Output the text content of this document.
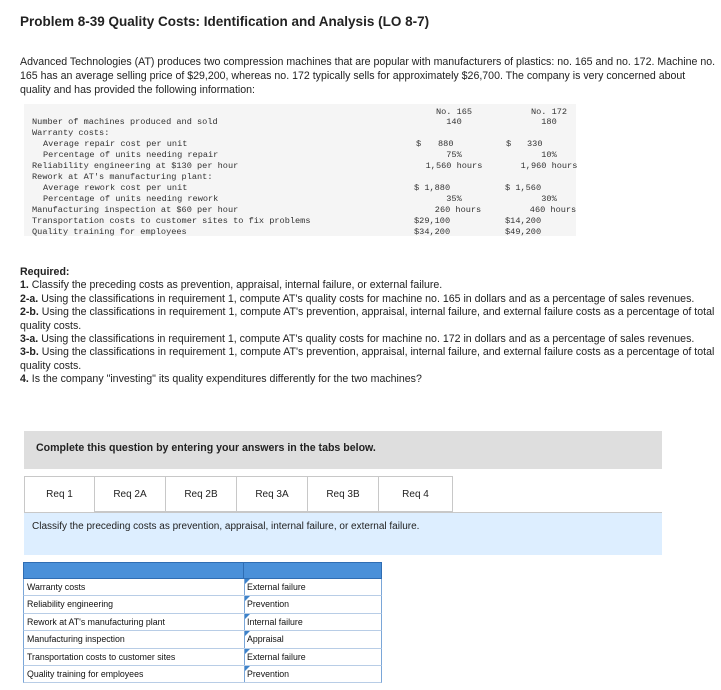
Problem 8-39 Quality Costs: Identification and Analysis (LO 8-7)
Advanced Technologies (AT) produces two compression machines that are popular with manufacturers of plastics: no. 165 and no. 172. Machine no. 165 has an average selling price of $29,200, whereas no. 172 typically sells for approximately $26,700. The company is very concerned about quality and has provided the following information:
No. 165	No. 172
Number of machines produced and sold	140	180
Warranty costs:
Average repair cost per unit	$	880	$	330
Percentage of units needing repair	75%	10%
Reliability engineering at $130 per hour	1,560 hours	1,960 hours
Rework at AT's manufacturing plant:
Average rework cost per unit	$ 1,880	$ 1,560
Percentage of units needing rework	35%	30%
Manufacturing inspection at $60 per hour	260 hours	460 hours
Transportation costs to customer sites to fix problems	$29,100	$14,200
Quality training for employees	$34,200	$49,200
Required:
1. Classify the preceding costs as prevention, appraisal, internal failure, or external failure.
2-a. Using the classifications in requirement 1, compute AT's quality costs for machine no. 165 in dollars and as a percentage of sales revenues.
2-b. Using the classifications in requirement 1, compute AT's prevention, appraisal, internal failure, and external failure costs as a percentage of total quality costs.
3-a. Using the classifications in requirement 1, compute AT's quality costs for machine no. 172 in dollars and as a percentage of sales revenues.
3-b. Using the classifications in requirement 1, compute AT's prevention, appraisal, internal failure, and external failure costs as a percentage of total quality costs.
4. Is the company "investing" its quality expenditures differently for the two machines?
Complete this question by entering your answers in the tabs below.
Req 1	Req 2A	Req 2B	Req 3A	Req 3B	Req 4
Classify the preceding costs as prevention, appraisal, internal failure, or external failure.
Warranty costs	External failure
Reliability engineering	Prevention
Rework at AT's manufacturing plant	Internal failure
Manufacturing inspection	Appraisal
Transportation costs to customer sites	External failure
Quality training for employees	Prevention
